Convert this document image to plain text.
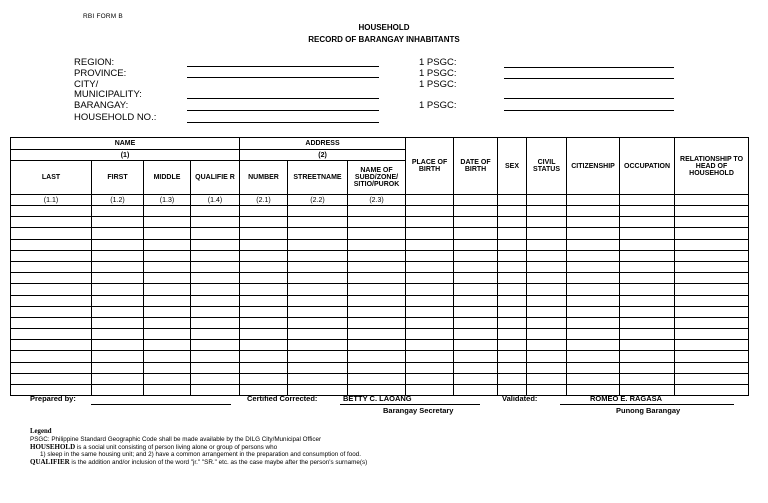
RBI FORM B
HOUSEHOLD
RECORD OF BARANGAY INHABITANTS
REGION:
PROVINCE:
CITY/
MUNICIPALITY:
BARANGAY:
HOUSEHOLD NO.:
1 PSGC:
1 PSGC:
1 PSGC:
1 PSGC:
NAME				ADDRESS			PLACE OF BIRTH	DATE OF BIRTH	SEX	CIVIL STATUS	CITIZENSHIP	OCCUPATION	RELATIONSHIP TO HEAD OF HOUSEHOLD
(1)				(2)									
LAST	FIRST	MIDDLE	QUALIFIE R	NUMBER	STREETNAME	NAME OF SUBD/ZONE/ SITIO/PUROK							
(1.1)	(1.2)	(1.3)	(1.4)	(2.1)	(2.2)	(2.3)							

Prepared by:	Certified Corrected:	BETTY C. LAOANG
Barangay Secretary
Validated:	ROMEO E. RAGASA
Punong Barangay
Legend
PSGC: Philippine Standard Geographic Code shall be made available by the DILG City/Municipal Officer
HOUSEHOLD is a social unit consisting of person living alone or group of persons who
1) sleep in the same housing unit; and 2) have a common arrangement in the preparation and consumption of food.
QUALIFIER is the addition and/or inclusion of the word "jr." "SR." etc. as the case maybe after the person's surname(s)
